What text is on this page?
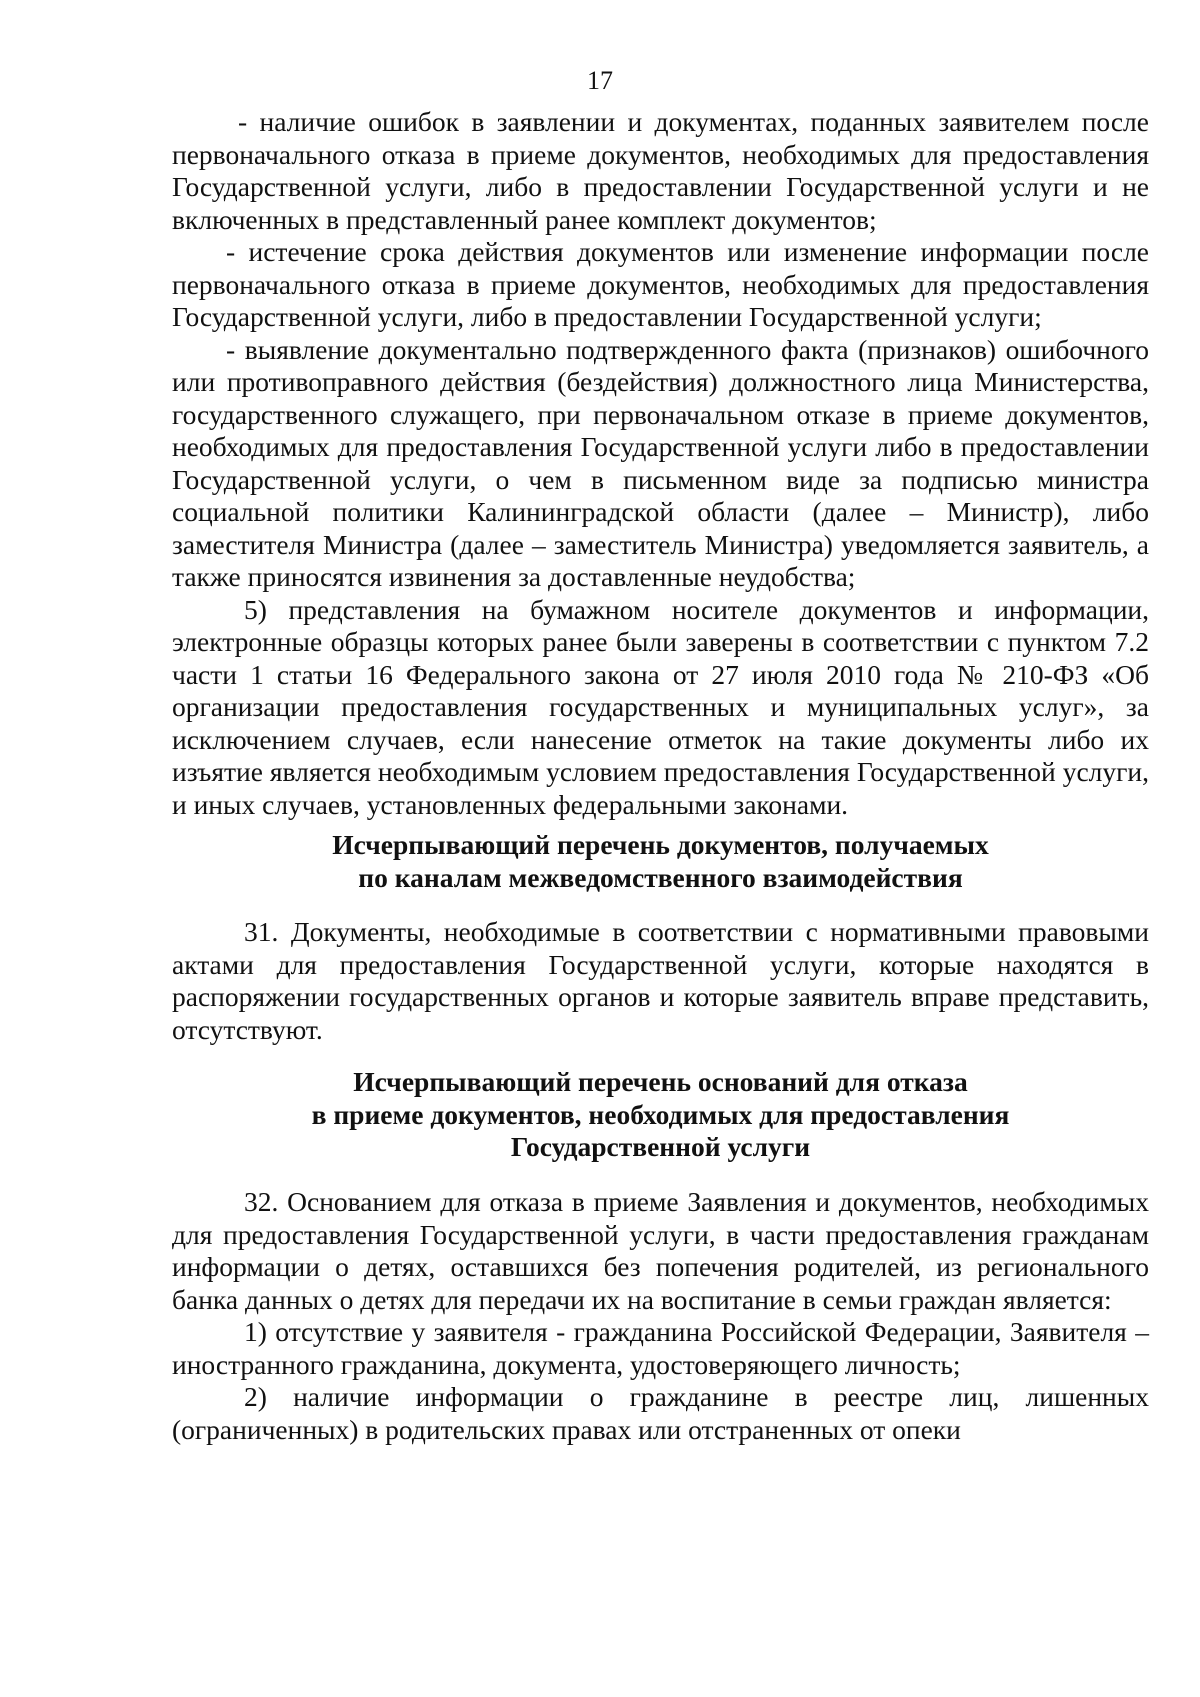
17

- наличие ошибок в заявлении и документах, поданных заявителем после первоначального отказа в приеме документов, необходимых для предоставления Государственной услуги, либо в предоставлении Государственной услуги и не включенных в представленный ранее комплект документов;

- истечение срока действия документов или изменение информации после первоначального отказа в приеме документов, необходимых для предоставления Государственной услуги, либо в предоставлении Государственной услуги;

- выявление документально подтвержденного факта (признаков) ошибочного или противоправного действия (бездействия) должностного лица Министерства, государственного служащего, при первоначальном отказе в приеме документов, необходимых для предоставления Государственной услуги либо в предоставлении Государственной услуги, о чем в письменном виде за подписью министра социальной политики Калининградской области (далее – Министр), либо заместителя Министра (далее – заместитель Министра) уведомляется заявитель, а также приносятся извинения за доставленные неудобства;

5) представления на бумажном носителе документов и информации, электронные образцы которых ранее были заверены в соответствии с пунктом 7.2 части 1 статьи 16 Федерального закона от 27 июля 2010 года № 210-ФЗ «Об организации предоставления государственных и муниципальных услуг», за исключением случаев, если нанесение отметок на такие документы либо их изъятие является необходимым условием предоставления Государственной услуги, и иных случаев, установленных федеральными законами.

Исчерпывающий перечень документов, получаемых
по каналам межведомственного взаимодействия

31. Документы, необходимые в соответствии с нормативными правовыми актами для предоставления Государственной услуги, которые находятся в распоряжении государственных органов и которые заявитель вправе представить, отсутствуют.

Исчерпывающий перечень оснований для отказа
в приеме документов, необходимых для предоставления
Государственной услуги

32. Основанием для отказа в приеме Заявления и документов, необходимых для предоставления Государственной услуги, в части предоставления гражданам информации о детях, оставшихся без попечения родителей, из регионального банка данных о детях для передачи их на воспитание в семьи граждан является:

1) отсутствие у заявителя - гражданина Российской Федерации, Заявителя – иностранного гражданина, документа, удостоверяющего личность;

2) наличие информации о гражданине в реестре лиц, лишенных (ограниченных) в родительских правах или отстраненных от опеки
